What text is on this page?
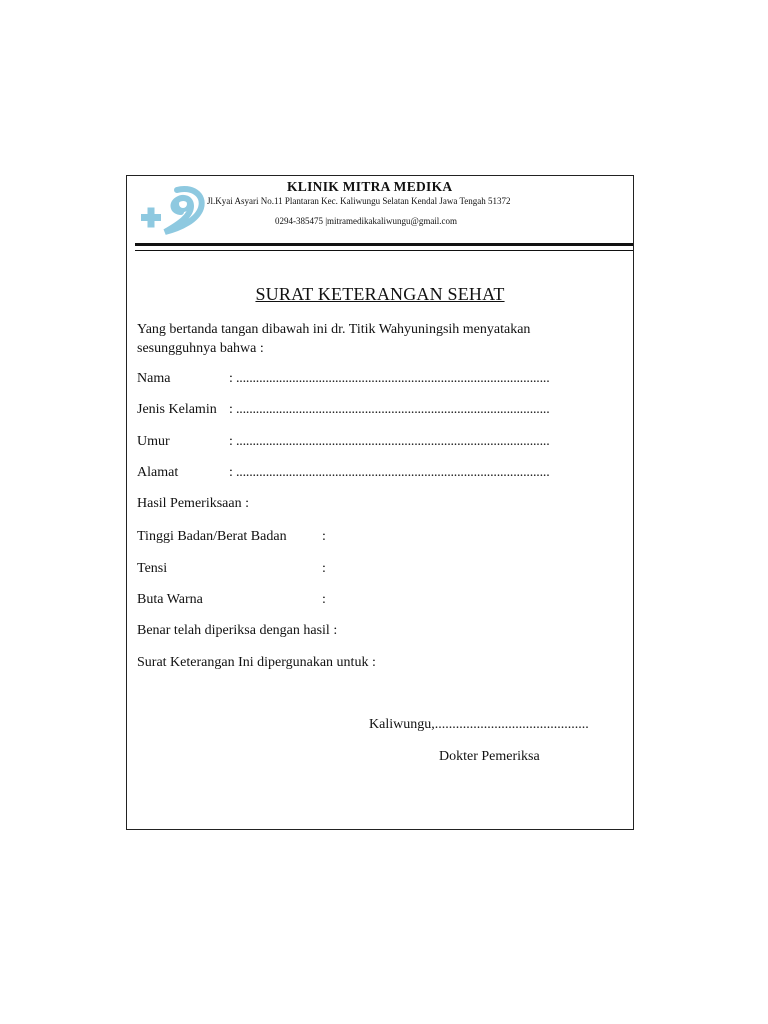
KLINIK MITRA MEDIKA
Jl.Kyai Asyari No.11 Plantaran Kec. Kaliwungu Selatan Kendal Jawa Tengah 51372
0294-385475 |mitramedikakaliwungu@gmail.com
SURAT KETERANGAN SEHAT
Yang bertanda tangan dibawah ini dr. Titik Wahyuningsih menyatakan sesungguhnya bahwa :
Nama	: ...............................................................................................
Jenis Kelamin : ...............................................................................................
Umur	: ...............................................................................................
Alamat	: ...............................................................................................
Hasil Pemeriksaan :
Tinggi Badan/Berat Badan	:
Tensi	:
Buta Warna	:
Benar telah diperiksa dengan hasil :
Surat Keterangan Ini dipergunakan untuk :
Kaliwungu,............................................
Dokter Pemeriksa
